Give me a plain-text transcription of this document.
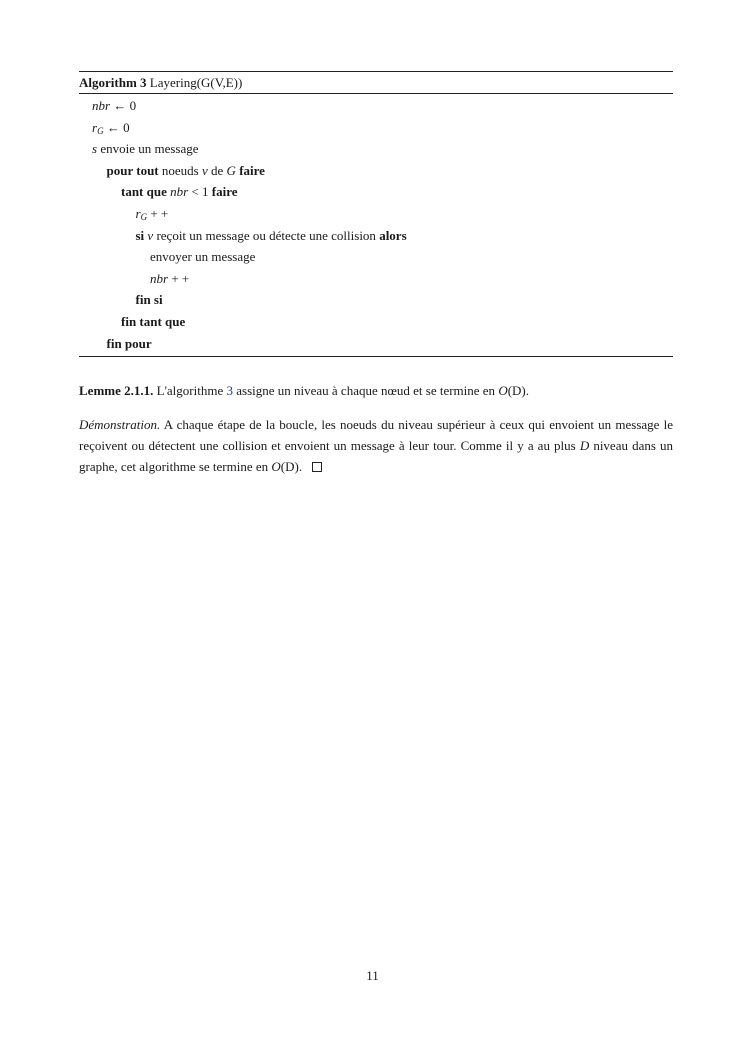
Algorithm 3 Layering(G(V,E))
nbr ← 0
$r_G$ ← 0
s envoie un message
pour tout noeuds v de G faire
tant que nbr < 1 faire
$r_G$ + +
si v reçoit un message ou détecte une collision alors
envoyer un message
nbr + +
fin si
fin tant que
fin pour
Lemme 2.1.1. L'algorithme 3 assigne un niveau à chaque nœud et se termine en O(D).
Démonstration. A chaque étape de la boucle, les noeuds du niveau supérieur à ceux qui envoient un message le reçoivent ou détectent une collision et envoient un message à leur tour. Comme il y a au plus D niveau dans un graphe, cet algorithme se termine en O(D).
11
